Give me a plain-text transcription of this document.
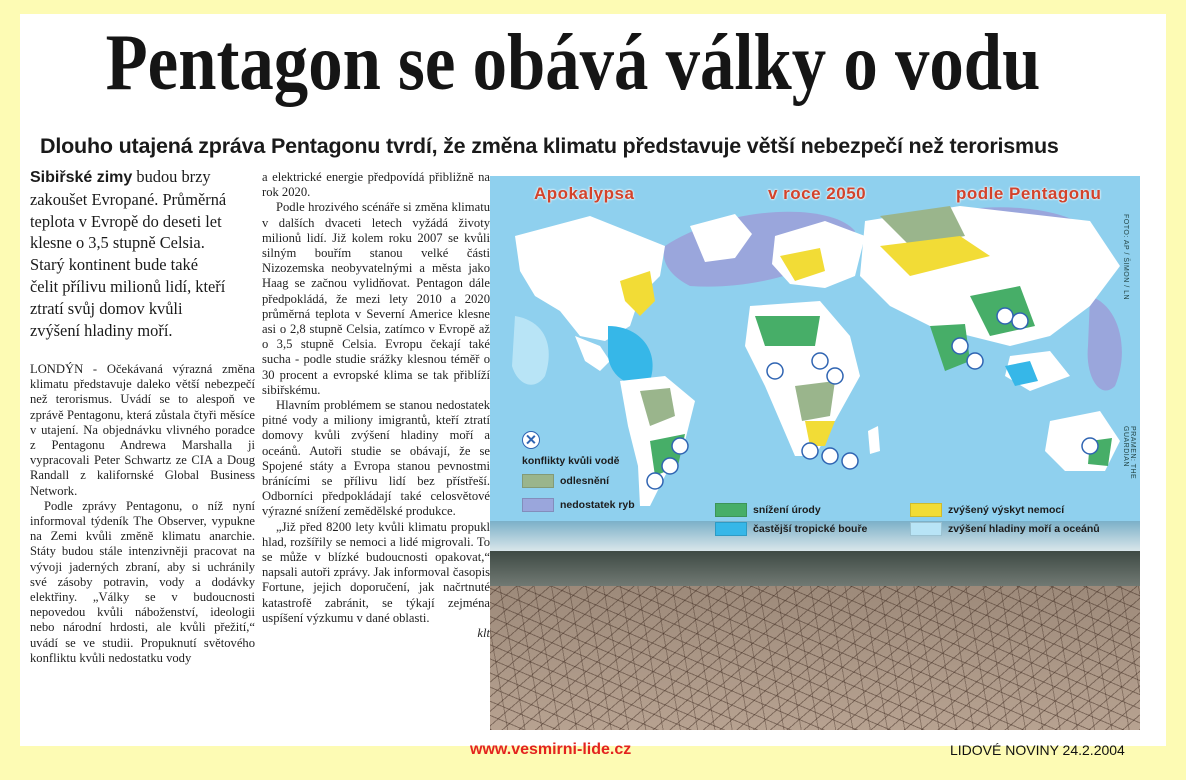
Pentagon se obává války o vodu
Dlouho utajená zpráva Pentagonu tvrdí, že změna klimatu představuje větší nebezpečí než terorismus
Sibiřské zimy budou brzy zakoušet Evropané. Průměrná teplota v Evropě do deseti let klesne o 3,5 stupně Celsia. Starý kontinent bude také čelit přílivu milionů lidí, kteří ztratí svůj domov kvůli zvýšení hladiny moří.

LONDÝN - Očekávaná výrazná změna klimatu představuje daleko větší nebezpečí než terorismus. Uvádí se to alespoň ve zprávě Pentagonu, která zůstala čtyři měsíce v utajení. Na objednávku vlivného poradce z Pentagonu Andrewa Marshalla ji vypracovali Peter Schwartz ze CIA a Doug Randall z kalifornské Global Business Network.

Podle zprávy Pentagonu, o níž nyní informoval týdeník The Observer, vypukne na Zemi kvůli změně klimatu anarchie. Státy budou stále intenzivněji pracovat na vývoji jaderných zbraní, aby si uchránily své zásoby potravin, vody a dodávky elektřiny. „Války se v budoucnosti nepovedou kvůli náboženství, ideologii nebo národní hrdosti, ale kvůli přežití,“ uvádí se ve studii. Propuknutí světového konfliktu kvůli nedostatku vody

a elektrické energie předpovídá přibližně na rok 2020.

Podle hrozivého scénáře si změna klimatu v dalších dvaceti letech vyžádá životy milionů lidí. Již kolem roku 2007 se kvůli silným bouřím stanou velké části Nizozemska neobyvatelnými a města jako Haag se začnou vylidňovat. Pentagon dále předpokládá, že mezi lety 2010 a 2020 průměrná teplota v Severní Americe klesne asi o 2,8 stupně Celsia, zatímco v Evropě až o 3,5 stupně Celsia. Evropu čekají také sucha - podle studie srážky klesnou téměř o 30 procent a evropské klima se tak přiblíží sibiřskému.

Hlavním problémem se stanou nedostatek pitné vody a miliony imigrantů, kteří ztratí domovy kvůli zvýšení hladiny moří a oceánů. Autoři studie se obávají, že se Spojené státy a Evropa stanou pevnostmi bránícími se přílivu lidí bez přístřeší. Odborníci předpokládají také celosvětové výrazné snížení zemědělské produkce.

„Již před 8200 lety kvůli klimatu propukl hlad, rozšířily se nemoci a lidé migrovali. To se může v blízké budoucnosti opakovat,“ napsali autoři zprávy. Jak informoval časopis Fortune, jejich doporučení, jak načrtnuté katastrofě zabránit, se týkají zejména uspíšení výzkumu v dané oblasti.

klt
Apokalypsa	v roce 2050	podle Pentagonu
FOTO: AP / ŠIMON / LN
PRAMEN: THE GUARDIAN
konflikty kvůli vodě
odlesnění
nedostatek ryb	snížení úrody	zvýšený výskyt nemocí
častější tropické bouře	zvýšení hladiny moří a oceánů
www.vesmirni-lide.cz	LIDOVÉ NOVINY 24.2.2004
